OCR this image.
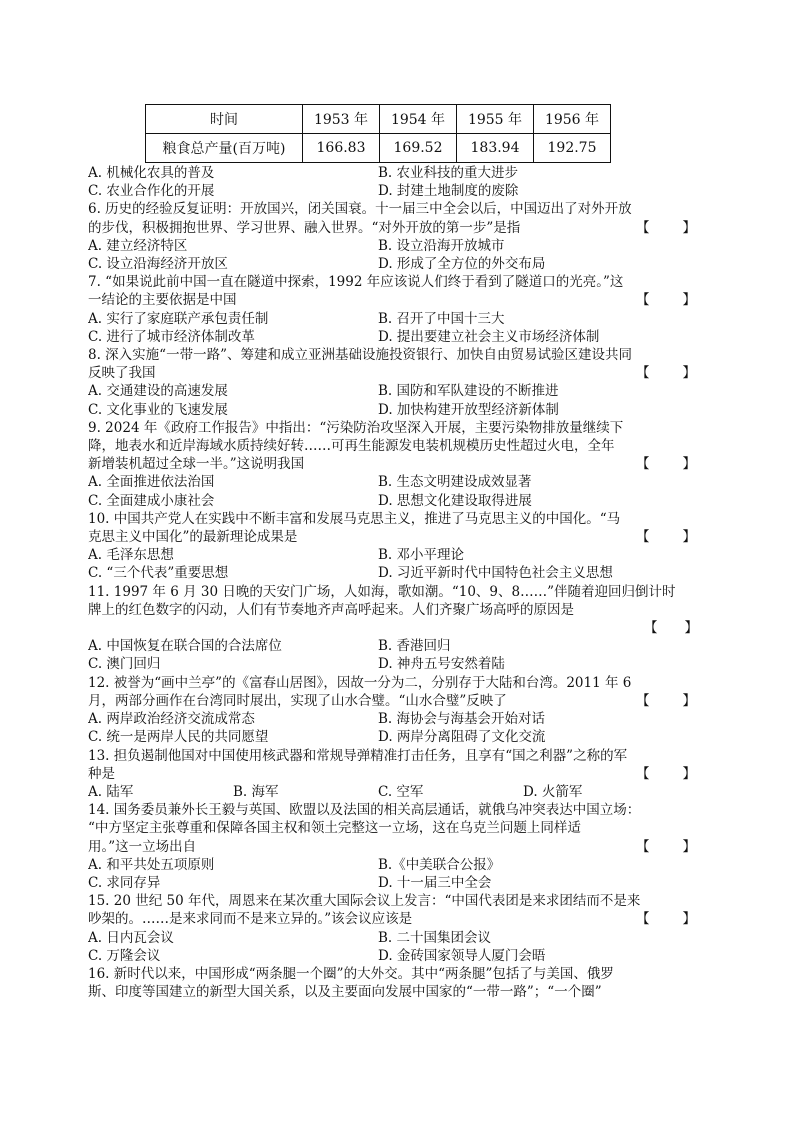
时间	1953 年	1954 年	1955 年	1956 年
粮食总产量(百万吨)	166.83	169.52	183.94	192.75
A. 机械化农具的普及	B. 农业科技的重大进步
C. 农业合作化的开展	D. 封建土地制度的废除
6. 历史的经验反复证明：开放国兴，闭关国衰。十一届三中全会以后，中国迈出了对外开放
【　　】
的步伐，积极拥抱世界、学习世界、融入世界。“对外开放的第一步”是指
A. 建立经济特区	B. 设立沿海开放城市
C. 设立沿海经济开放区	D. 形成了全方位的外交布局
7. “如果说此前中国一直在隧道中探索，1992 年应该说人们终于看到了隧道口的光亮。”这
【　　】
一结论的主要依据是中国
A. 实行了家庭联产承包责任制	B. 召开了中国十三大
C. 进行了城市经济体制改革	D. 提出要建立社会主义市场经济体制
8. 深入实施“一带一路”、筹建和成立亚洲基础设施投资银行、加快自由贸易试验区建设共同
【　　】
反映了我国
A. 交通建设的高速发展	B. 国防和军队建设的不断推进
C. 文化事业的飞速发展	D. 加快构建开放型经济新体制
9. 2024 年《政府工作报告》中指出：“污染防治攻坚深入开展，主要污染物排放量继续下
降，地表水和近岸海域水质持续好转……可再生能源发电装机规模历史性超过火电，全年
【　　】
新增装机超过全球一半。”这说明我国
A. 全面推进依法治国	B. 生态文明建设成效显著
C. 全面建成小康社会	D. 思想文化建设取得进展
10. 中国共产党人在实践中不断丰富和发展马克思主义，推进了马克思主义的中国化。“马
【　　】
克思主义中国化”的最新理论成果是
A. 毛泽东思想	B. 邓小平理论
C. “三个代表”重要思想	D. 习近平新时代中国特色社会主义思想
11. 1997 年 6 月 30 日晚的天安门广场，人如海，歌如潮。“10、9、8……”伴随着迎回归倒计时
牌上的红色数字的闪动，人们有节奏地齐声高呼起来。人们齐聚广场高呼的原因是
【　　】
A. 中国恢复在联合国的合法席位	B. 香港回归
C. 澳门回归	D. 神舟五号安然着陆
12. 被誉为“画中兰亭”的《富春山居图》，因故一分为二，分别存于大陆和台湾。2011 年 6
【　　】
月，两部分画作在台湾同时展出，实现了山水合璧。“山水合璧”反映了
A. 两岸政治经济交流成常态	B. 海协会与海基会开始对话
C. 统一是两岸人民的共同愿望	D. 两岸分离阻碍了文化交流
13. 担负遏制他国对中国使用核武器和常规导弹精准打击任务，且享有“国之利器”之称的军
【　　】
种是
A. 陆军	B. 海军	C. 空军	D. 火箭军
14. 国务委员兼外长王毅与英国、欧盟以及法国的相关高层通话，就俄乌冲突表达中国立场：
“中方坚定主张尊重和保障各国主权和领土完整这一立场，这在乌克兰问题上同样适
【　　】
用。”这一立场出自
A. 和平共处五项原则	B.《中美联合公报》
C. 求同存异	D. 十一届三中全会
15. 20 世纪 50 年代，周恩来在某次重大国际会议上发言：“中国代表团是来求团结而不是来
【　　】
吵架的。……是来求同而不是来立异的。”该会议应该是
A. 日内瓦会议	B. 二十国集团会议
C. 万隆会议	D. 金砖国家领导人厦门会晤
16. 新时代以来，中国形成“两条腿一个圈”的大外交。其中“两条腿”包括了与美国、俄罗
斯、印度等国建立的新型大国关系，以及主要面向发展中国家的“一带一路”；“一个圈”
